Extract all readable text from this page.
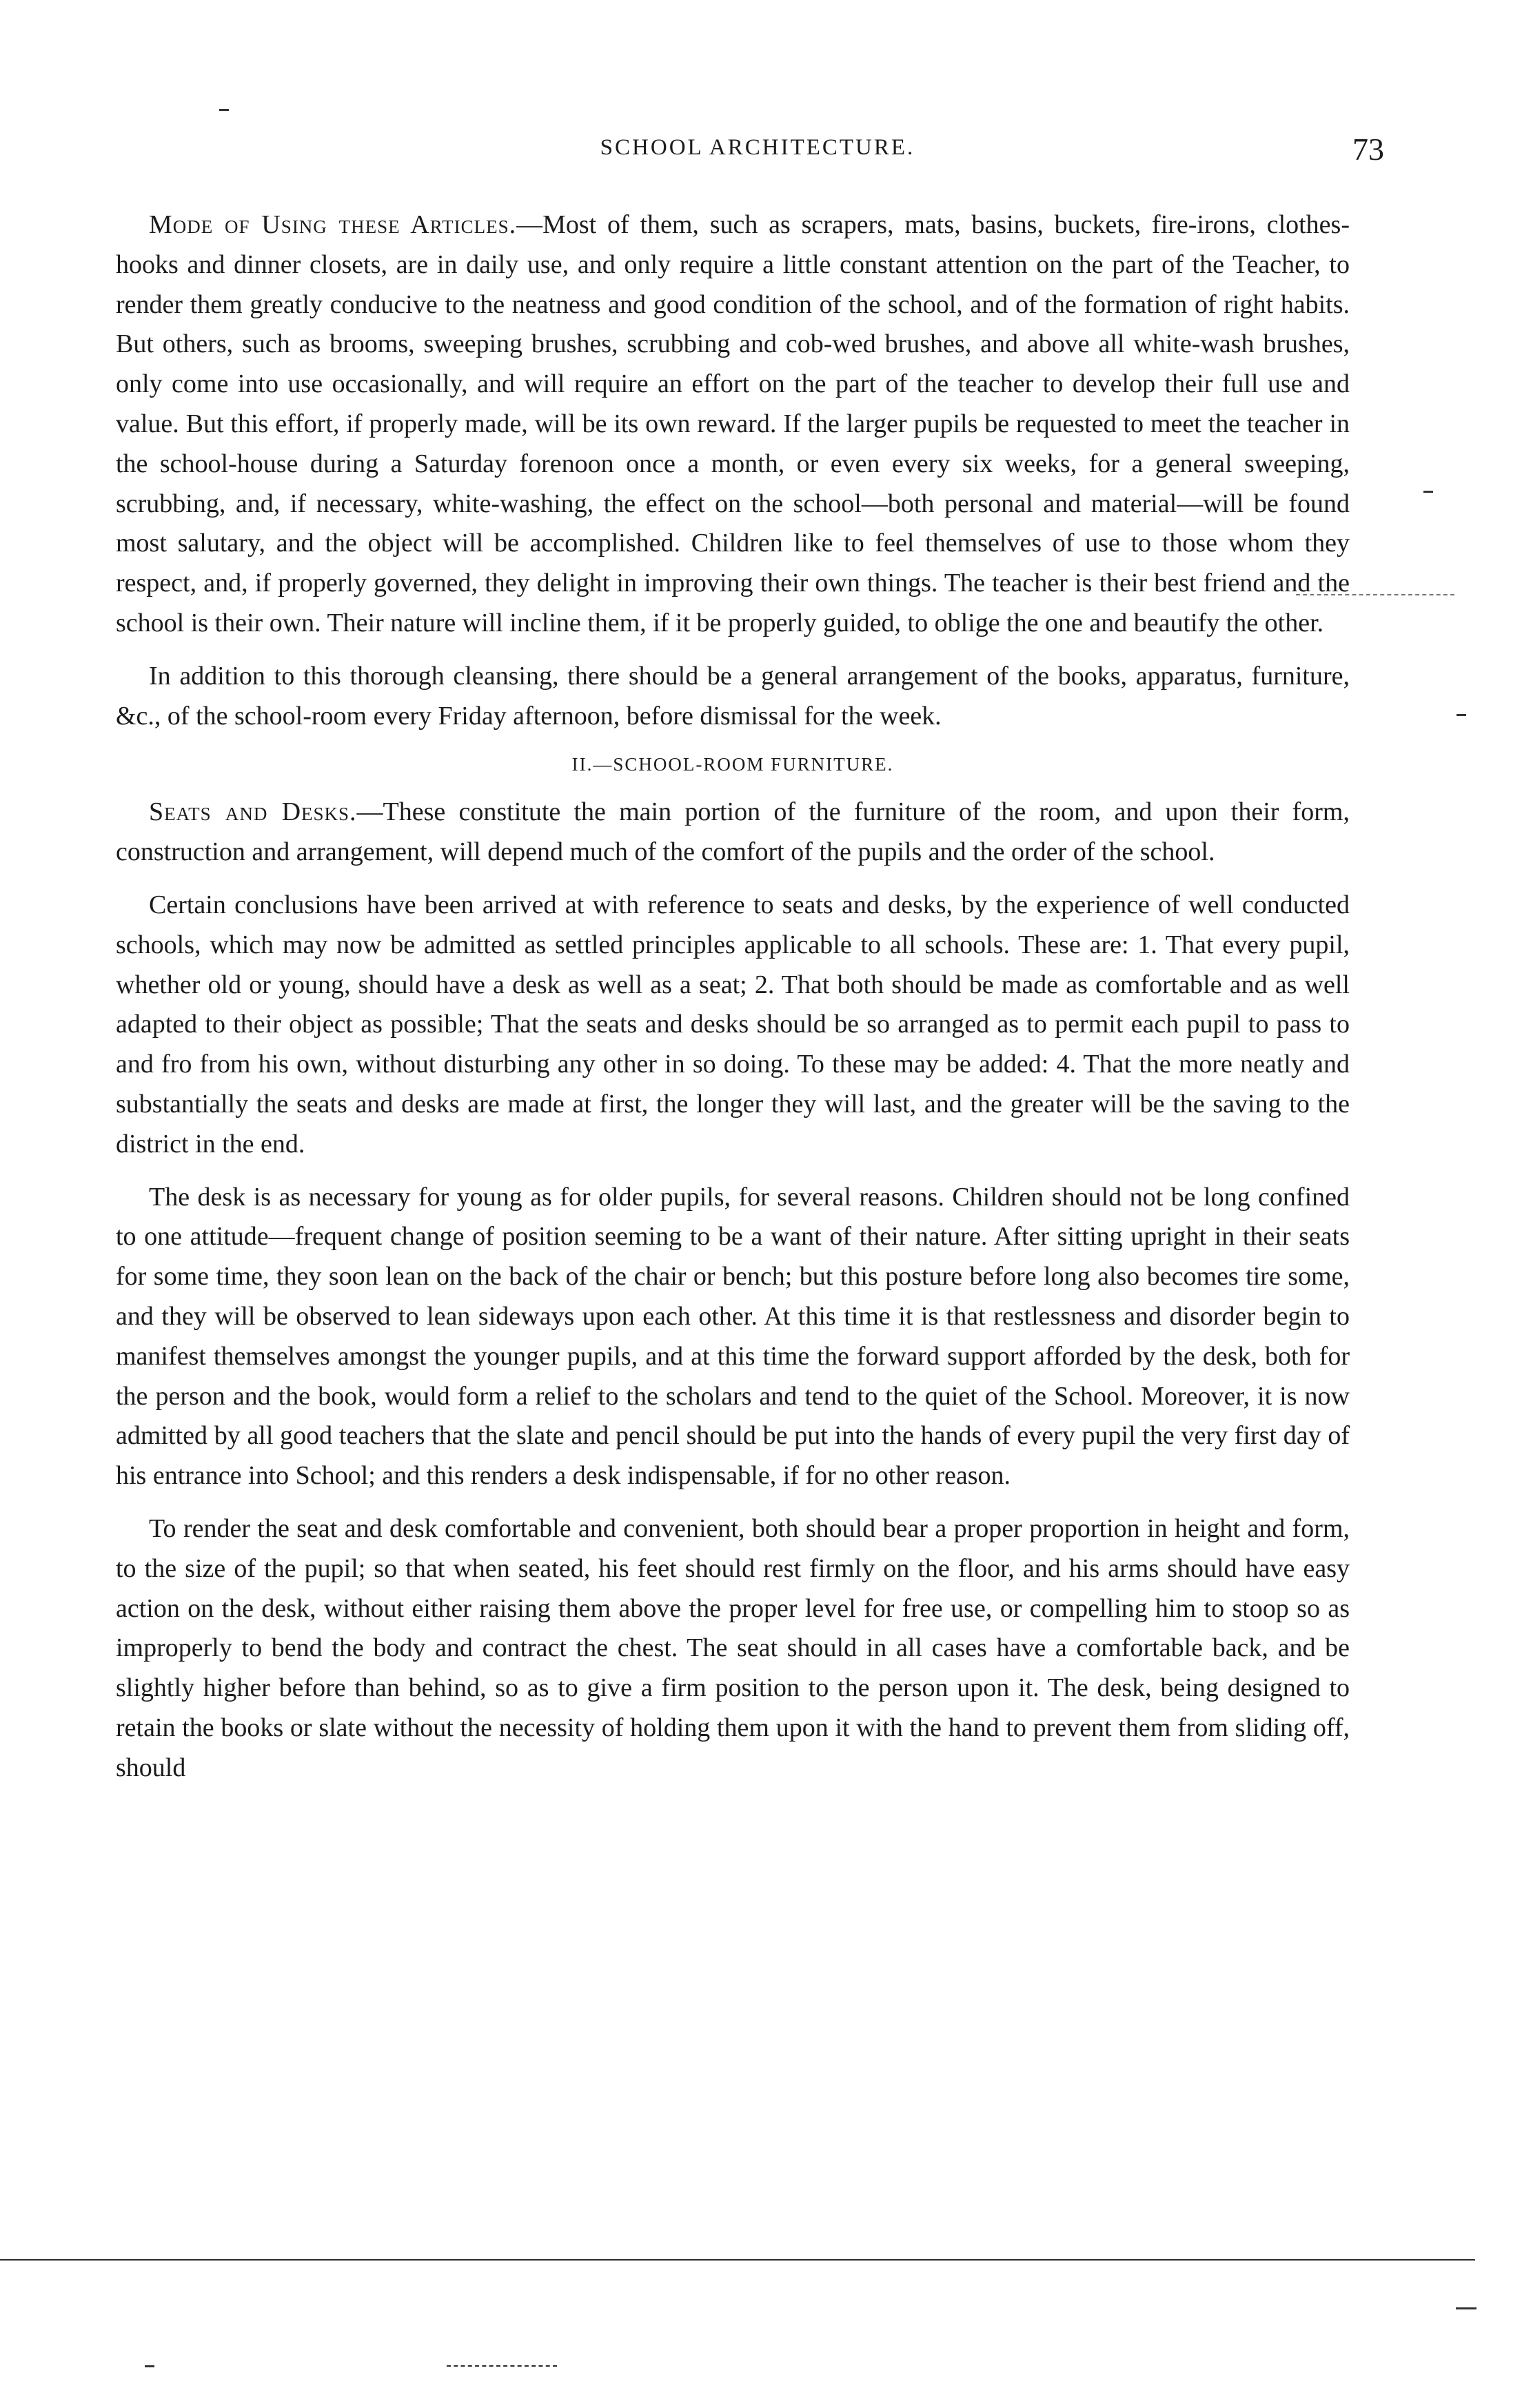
SCHOOL ARCHITECTURE.	73

Mode of Using these Articles.—Most of them, such as scrapers, mats, basins, buckets, fire-irons, clothes-hooks and dinner closets, are in daily use, and only require a little constant attention on the part of the Teacher, to render them greatly conducive to the neatness and good condition of the school, and of the formation of right habits. But others, such as brooms, sweeping brushes, scrubbing and cob-wed brushes, and above all white-wash brushes, only come into use occasionally, and will require an effort on the part of the teacher to develop their full use and value. But this effort, if properly made, will be its own reward. If the larger pupils be requested to meet the teacher in the school-house during a Saturday forenoon once a month, or even every six weeks, for a general sweeping, scrubbing, and, if necessary, white-washing, the effect on the school—both personal and material—will be found most salutary, and the object will be accomplished. Children like to feel themselves of use to those whom they respect, and, if properly governed, they delight in improving their own things. The teacher is their best friend and the school is their own. Their nature will incline them, if it be properly guided, to oblige the one and beautify the other.

In addition to this thorough cleansing, there should be a general arrangement of the books, apparatus, furniture, &c., of the school-room every Friday afternoon, before dismissal for the week.

II.—SCHOOL-ROOM FURNITURE.

Seats and Desks.—These constitute the main portion of the furniture of the room, and upon their form, construction and arrangement, will depend much of the comfort of the pupils and the order of the school.

Certain conclusions have been arrived at with reference to seats and desks, by the experience of well conducted schools, which may now be admitted as settled principles applicable to all schools. These are: 1. That every pupil, whether old or young, should have a desk as well as a seat; 2. That both should be made as comfortable and as well adapted to their object as possible; That the seats and desks should be so arranged as to permit each pupil to pass to and fro from his own, without disturbing any other in so doing. To these may be added: 4. That the more neatly and substantially the seats and desks are made at first, the longer they will last, and the greater will be the saving to the district in the end.

The desk is as necessary for young as for older pupils, for several reasons. Children should not be long confined to one attitude—frequent change of position seeming to be a want of their nature. After sitting upright in their seats for some time, they soon lean on the back of the chair or bench; but this posture before long also becomes tire some, and they will be observed to lean sideways upon each other. At this time it is that restlessness and disorder begin to manifest themselves amongst the younger pupils, and at this time the forward support afforded by the desk, both for the person and the book, would form a relief to the scholars and tend to the quiet of the School. Moreover, it is now admitted by all good teachers that the slate and pencil should be put into the hands of every pupil the very first day of his entrance into School; and this renders a desk indispensable, if for no other reason.

To render the seat and desk comfortable and convenient, both should bear a proper proportion in height and form, to the size of the pupil; so that when seated, his feet should rest firmly on the floor, and his arms should have easy action on the desk, without either raising them above the proper level for free use, or compelling him to stoop so as improperly to bend the body and contract the chest. The seat should in all cases have a comfortable back, and be slightly higher before than behind, so as to give a firm position to the person upon it. The desk, being designed to retain the books or slate without the necessity of holding them upon it with the hand to prevent them from sliding off, should
